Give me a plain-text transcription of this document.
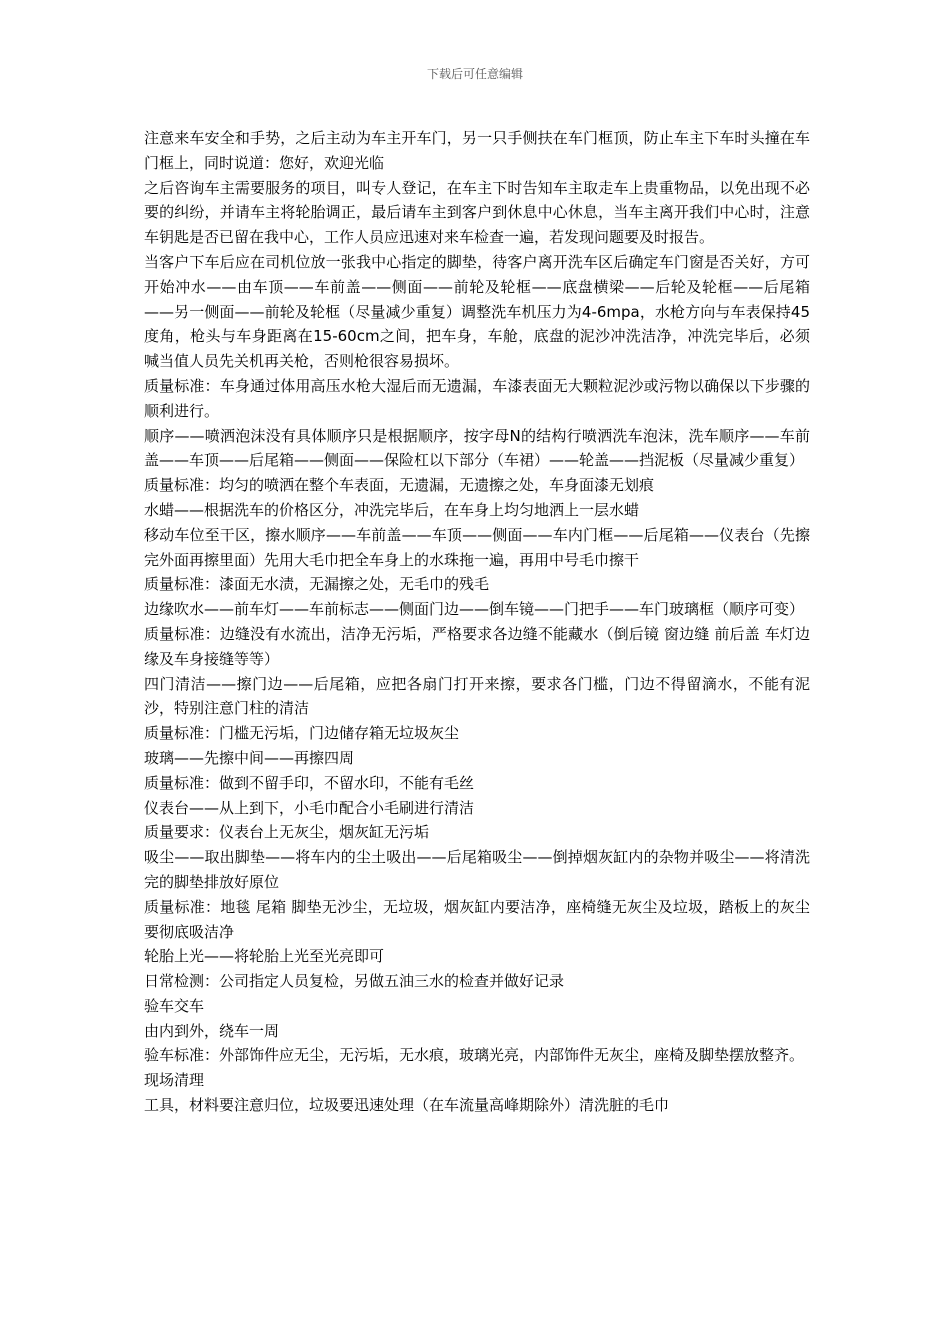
下载后可任意编辑

注意来车安全和手势，之后主动为车主开车门，另一只手侧扶在车门框顶，防止车主下车时头撞在车门框上，同时说道：您好，欢迎光临

之后咨询车主需要服务的项目，叫专人登记，在车主下时告知车主取走车上贵重物品，以免出现不必要的纠纷，并请车主将轮胎调正，最后请车主到客户到休息中心休息，当车主离开我们中心时，注意车钥匙是否已留在我中心，工作人员应迅速对来车检查一遍，若发现问题要及时报告。

当客户下车后应在司机位放一张我中心指定的脚垫，待客户离开洗车区后确定车门窗是否关好，方可开始冲水——由车顶——车前盖——侧面——前轮及轮框——底盘横梁——后轮及轮框——后尾箱——另一侧面——前轮及轮框（尽量减少重复）调整洗车机压力为4-6mpa，水枪方向与车表保持45度角，枪头与车身距离在15-60cm之间，把车身，车舱，底盘的泥沙冲洗洁净，冲洗完毕后，必须喊当值人员先关机再关枪，否则枪很容易损坏。

质量标准：车身通过体用高压水枪大湿后而无遗漏，车漆表面无大颗粒泥沙或污物以确保以下步骤的顺利进行。

顺序——喷洒泡沫没有具体顺序只是根据顺序，按字母N的结构行喷洒洗车泡沫，洗车顺序——车前盖——车顶——后尾箱——侧面——保险杠以下部分（车裙）——轮盖——挡泥板（尽量减少重复）

质量标准：均匀的喷洒在整个车表面，无遗漏，无遗擦之处，车身面漆无划痕

水蜡——根据洗车的价格区分，冲洗完毕后，在车身上均匀地洒上一层水蜡

移动车位至干区，擦水顺序——车前盖——车顶——侧面——车内门框——后尾箱——仪表台（先擦完外面再擦里面）先用大毛巾把全车身上的水珠拖一遍，再用中号毛巾擦干

质量标准：漆面无水渍，无漏擦之处，无毛巾的残毛

边缘吹水——前车灯——车前标志——侧面门边——倒车镜——门把手——车门玻璃框（顺序可变）

质量标准：边缝没有水流出，洁净无污垢，严格要求各边缝不能藏水（倒后镜 窗边缝 前后盖 车灯边缘及车身接缝等等）

四门清洁——擦门边——后尾箱，应把各扇门打开来擦，要求各门槛，门边不得留滴水，不能有泥沙，特别注意门柱的清洁

质量标准：门槛无污垢，门边储存箱无垃圾灰尘

玻璃——先擦中间——再擦四周

质量标准：做到不留手印，不留水印，不能有毛丝

仪表台——从上到下，小毛巾配合小毛刷进行清洁

质量要求：仪表台上无灰尘，烟灰缸无污垢

吸尘——取出脚垫——将车内的尘土吸出——后尾箱吸尘——倒掉烟灰缸内的杂物并吸尘——将清洗完的脚垫排放好原位

质量标准：地毯 尾箱 脚垫无沙尘，无垃圾，烟灰缸内要洁净，座椅缝无灰尘及垃圾，踏板上的灰尘要彻底吸洁净

轮胎上光——将轮胎上光至光亮即可

日常检测：公司指定人员复检，另做五油三水的检查并做好记录

验车交车

由内到外，绕车一周

验车标准：外部饰件应无尘，无污垢，无水痕，玻璃光亮，内部饰件无灰尘，座椅及脚垫摆放整齐。

现场清理

工具，材料要注意归位，垃圾要迅速处理（在车流量高峰期除外）清洗脏的毛巾
